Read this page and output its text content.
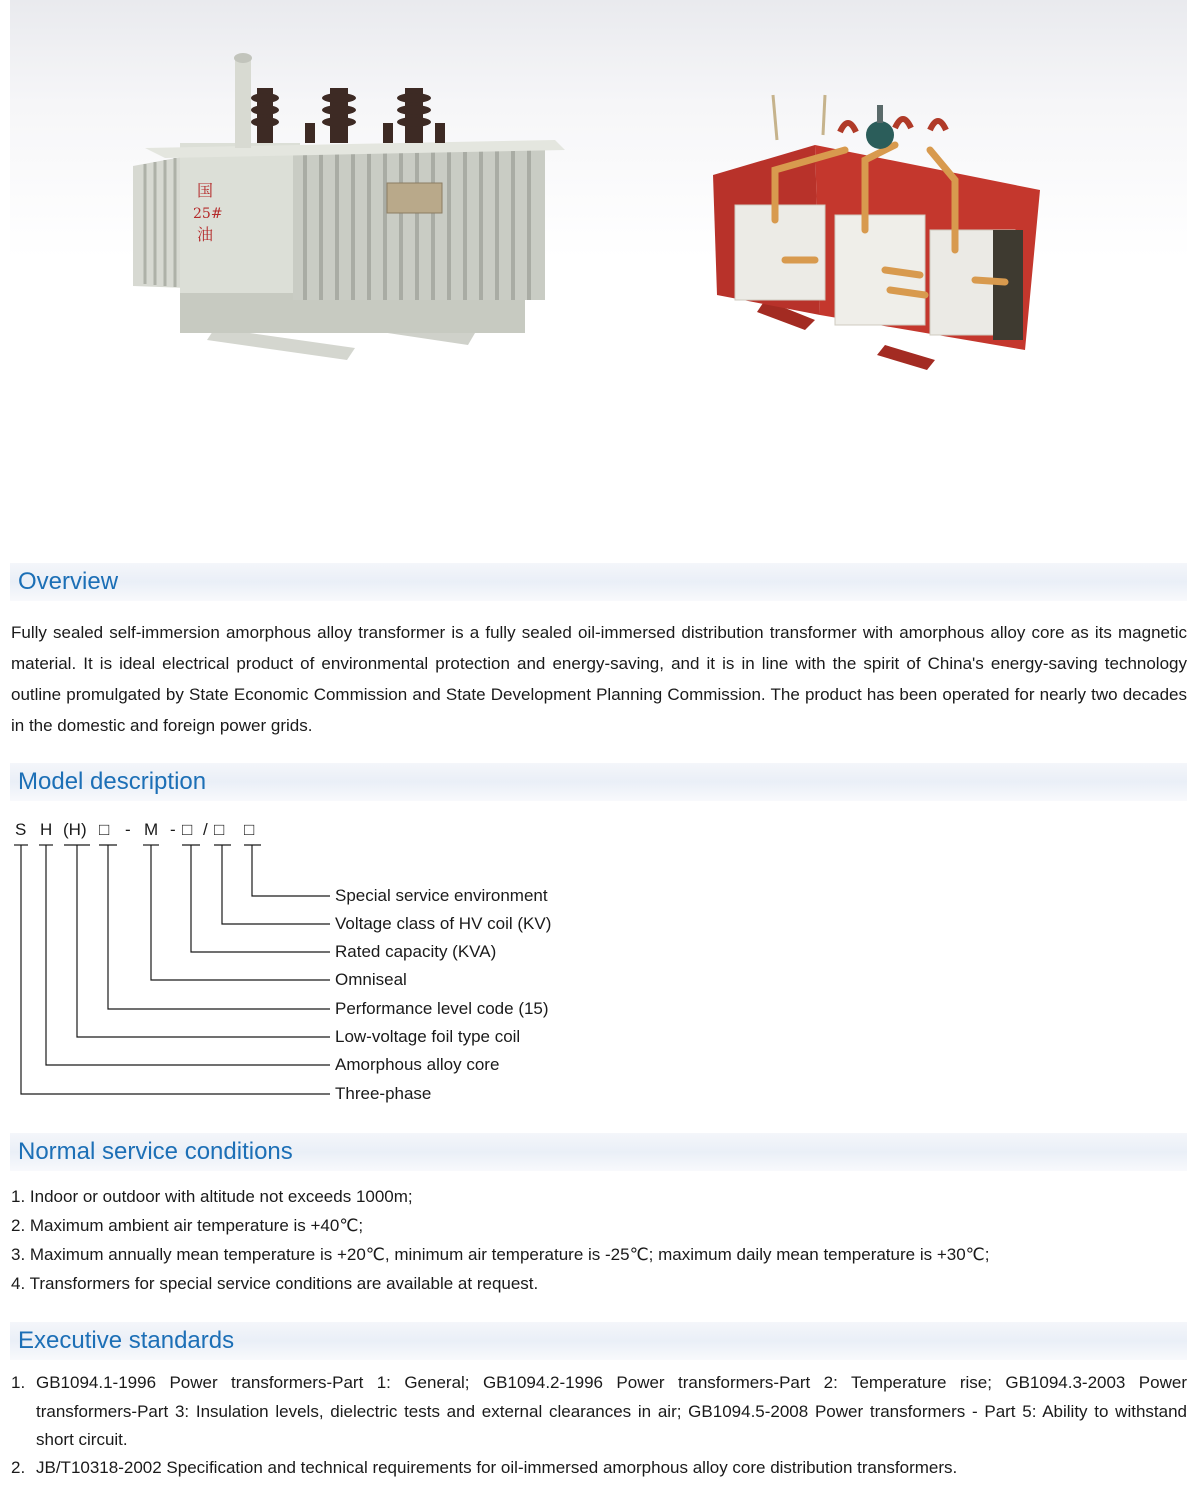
国
25#
油
Overview

Fully sealed self-immersion amorphous alloy transformer is a fully sealed oil-immersed distribution transformer with amorphous alloy core as its magnetic material. It is ideal electrical product of environmental protection and energy-saving, and it is in line with the spirit of China's energy-saving technology outline promulgated by State Economic Commission and State Development Planning Commission. The product has been operated for nearly two decades in the domestic and foreign power grids.

Model description
S H (H) □ - M - □ / □ □
Special service environment
Voltage class of HV coil (KV)
Rated capacity (KVA)
Omniseal
Performance level code (15)
Low-voltage foil type coil
Amorphous alloy core
Three-phase
Normal service conditions
1. Indoor or outdoor with altitude not exceeds 1000m;
2. Maximum ambient air temperature is +40℃;
3. Maximum annually mean temperature is +20℃, minimum air temperature is -25℃; maximum daily mean temperature is +30℃;
4. Transformers for special service conditions are available at request.
Executive standards
1. GB1094.1-1996 Power transformers-Part 1: General; GB1094.2-1996 Power transformers-Part 2: Temperature rise; GB1094.3-2003 Power transformers-Part 3: Insulation levels, dielectric tests and external clearances in air; GB1094.5-2008 Power transformers - Part 5: Ability to withstand short circuit.
2. JB/T10318-2002 Specification and technical requirements for oil-immersed amorphous alloy core distribution transformers.
